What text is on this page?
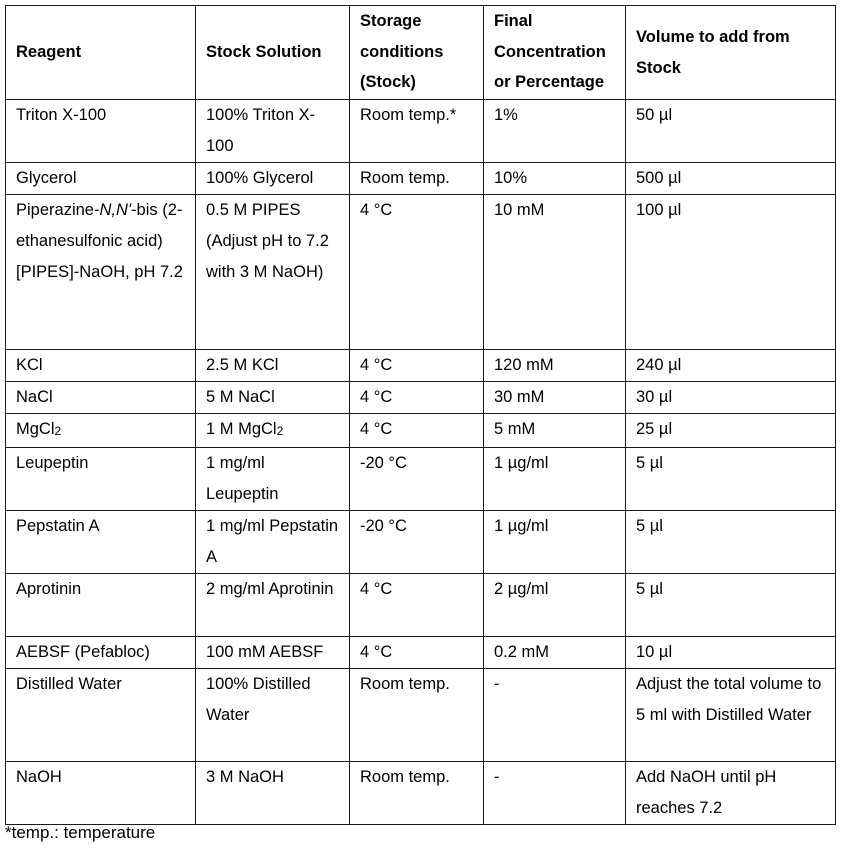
Reagent	Stock Solution	Storage conditions (Stock)	Final Concentration or Percentage	Volume to add from Stock
Triton X-100	100% Triton X-100	Room temp.*	1%	50 µl
Glycerol	100% Glycerol	Room temp.	10%	500 µl
Piperazine-N,N'-bis (2-ethanesulfonic acid) [PIPES]-NaOH, pH 7.2	0.5 M PIPES (Adjust pH to 7.2 with 3 M NaOH)	4 °C	10 mM	100 µl
KCl	2.5 M KCl	4 °C	120 mM	240 µl
NaCl	5 M NaCl	4 °C	30 mM	30 µl
MgCl2	1 M MgCl2	4 °C	5 mM	25 µl
Leupeptin	1 mg/ml Leupeptin	-20 °C	1 µg/ml	5 µl
Pepstatin A	1 mg/ml Pepstatin A	-20 °C	1 µg/ml	5 µl
Aprotinin	2 mg/ml Aprotinin	4 °C	2 µg/ml	5 µl
AEBSF (Pefabloc)	100 mM AEBSF	4 °C	0.2 mM	10 µl
Distilled Water	100% Distilled Water	Room temp.	-	Adjust the total volume to 5 ml with Distilled Water
NaOH	3 M NaOH	Room temp.	-	Add NaOH until pH reaches 7.2
*temp.: temperature
